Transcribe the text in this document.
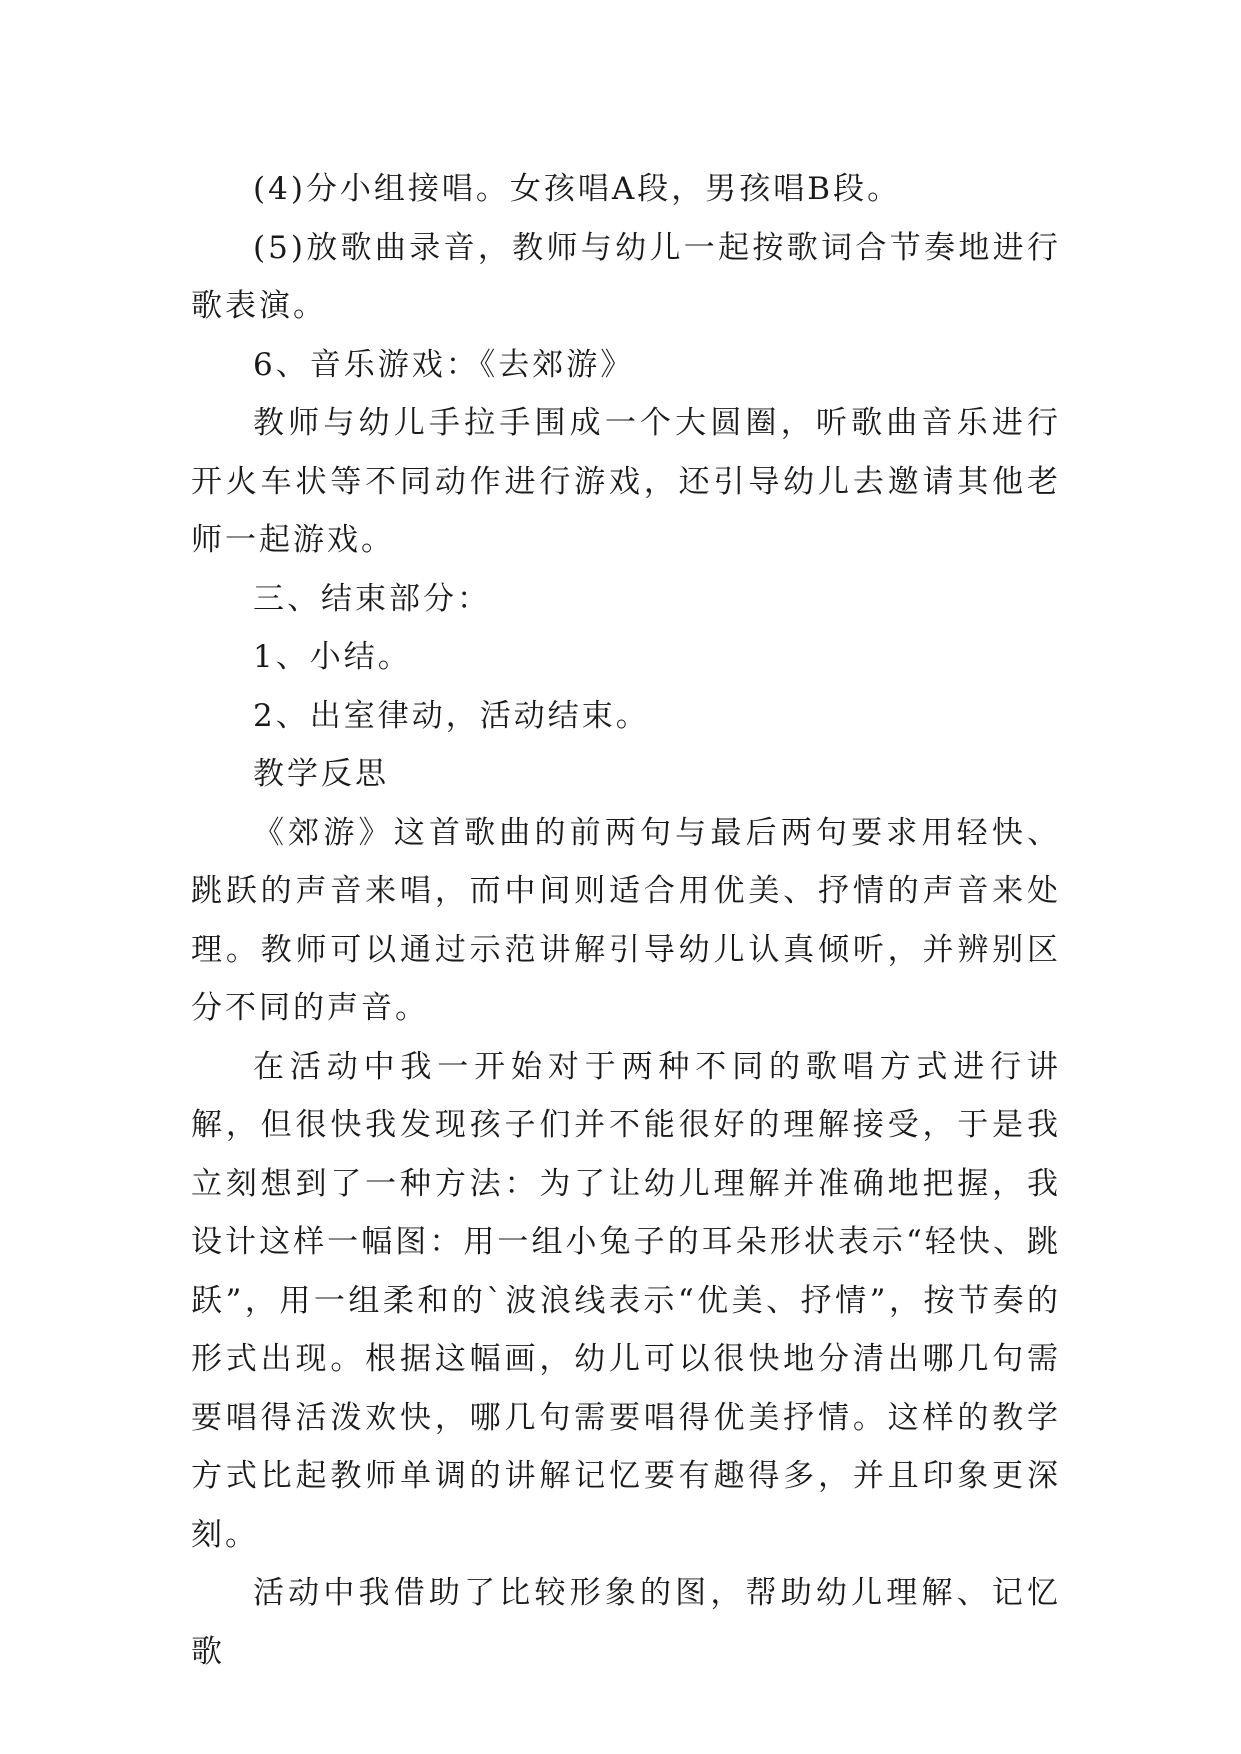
(4)分小组接唱。女孩唱A段，男孩唱B段。

(5)放歌曲录音，教师与幼儿一起按歌词合节奏地进行歌表演。

6、音乐游戏：《去郊游》

教师与幼儿手拉手围成一个大圆圈，听歌曲音乐进行开火车状等不同动作进行游戏，还引导幼儿去邀请其他老师一起游戏。

三、结束部分：

1、小结。

2、出室律动，活动结束。

教学反思

《郊游》这首歌曲的前两句与最后两句要求用轻快、跳跃的声音来唱，而中间则适合用优美、抒情的声音来处理。教师可以通过示范讲解引导幼儿认真倾听，并辨别区分不同的声音。

在活动中我一开始对于两种不同的歌唱方式进行讲解，但很快我发现孩子们并不能很好的理解接受，于是我立刻想到了一种方法：为了让幼儿理解并准确地把握，我设计这样一幅图：用一组小兔子的耳朵形状表示“轻快、跳跃”，用一组柔和的`波浪线表示“优美、抒情”，按节奏的形式出现。根据这幅画，幼儿可以很快地分清出哪几句需要唱得活泼欢快，哪几句需要唱得优美抒情。这样的教学方式比起教师单调的讲解记忆要有趣得多，并且印象更深刻。

活动中我借助了比较形象的图，帮助幼儿理解、记忆歌
